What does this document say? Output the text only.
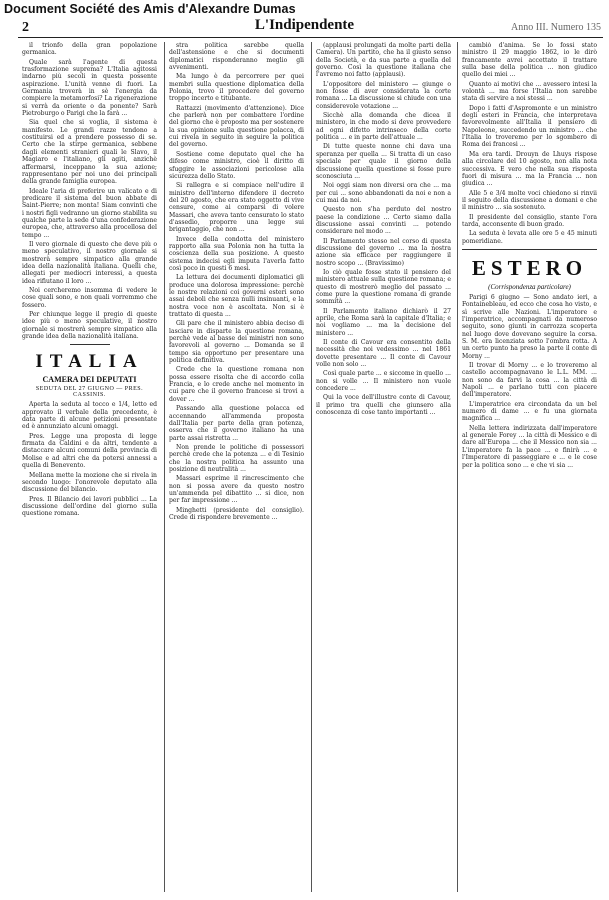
Document Société des Amis d'Alexandre Dumas
2	L'Indipendente	Anno III. Numero 135

il trionfo della gran popolazione germanica.

Quale sarà l'agente di questa trasformazione suprema? L'Italia agitossi indarno più secoli in questa possente aspirazione. L'unità venne di fuori. La Germania troverà in sè l'energia da compiere la metamorfosi? La rigenerazione si verrà da oriente o da ponente? Sarà Pietroburgo o Parigi che la farà ...

Sia quel che si voglia, il sistema è manifesto. Le grandi razze tendono a costituirsi ed a prendere possesso di se. Certo che la stirpe germanica, sebbene dagli elementi stranieri quali le Slavo, il Magiaro e l'italiano, gli agiti, anzichè affermarsi, inceppano la sua azione; rappresentano per noi uno dei principali della grande famiglia europea.

Ideale l'aria di preferire un valicato e di predicare il sistema del buon abbate di Saint-Pierre; non monta! Siam convinti che i nostri figli vedranno un giorno stabilita su qualche parte la sede d'una confederazione europea, che, attraverso alla procellosa del tempo ...

Il vero giornale di questo che deve più o meno speculativo, il nostro giornale si mostrerà sempre simpatico alla grande idea della nazionalità italiana. Quelli che, allegati per mediocri interessi, a questa idea rifiutano il loro ...

Noi cercheremo insomma di vedere le cose quali sono, e non quali vorremmo che fossero.

Per chiunque legge il pregio di queste idee più o meno speculative, il nostro giornale si mostrerà sempre simpatico alla grande idea della nazionalità italiana.

ITALIA
CAMERA DEI DEPUTATI
SEDUTA DEL 27 GIUGNO — PRES. CASSINIS.

Aperta la seduta al tocco e 1/4, letto ed approvato il verbale della precedente, è data parte di alcune petizioni presentate ed è annunziato alcuni omaggi.

Pres. Legge una proposta di legge firmata da Caldini e da altri, tendente a distaccare alcuni comuni della provincia di Molise e ad altri che da potersi annessi a quella di Benevento.

Mellana mette la mozione che si rivela in secondo luogo: l'onorevole deputato alla discussione del bilancio.

Pres. Il Bilancio dei lavori pubblici ... La discussione dell'ordine del giorno sulla questione romana.

stra politica sarebbe quella dell'astensione e che si documenti diplomatici risponderanno meglio gli avvenimenti.

Ma lungo è da percorrere per quei membri sulla questione diplomatica della Polonia, trovo il procedere del governo troppo incerto e titubante.

Rattazzi (movimento d'attenzione). Dice che parlerà non per combattere l'ordine del giorno che è proposto ma per sostenere la sua opinione sulla questione polacca, di cui rivela in seguito in seguire la politica del governo.

Sostiene come deputato quel che ha difeso come ministro, cioè il diritto di sfuggire le associazioni pericolose alla sicurezza dello Stato.

Si rallegra e si compiace nell'udire il ministro dell'interno difendere il decreto del 20 agosto, che era stato oggetto di vive censure, come ai comparsi di volere Massari, che aveva tanto censurato lo stato d'assedio, proporre una legge sui brigantaggio, che non ...

Invece della condotta del ministero rapporto alla sua Polonia non ha tutta la coscienza della sua posizione. A questo sistema indecisi egli imputa l'averla fatto così poco in questi 6 mesi.

La lettura dei documenti diplomatici gli produce una dolorosa impressione: perchè le nostre relazioni coi governi esteri sono assai deboli che senza nulli insinuanti, e la nostra voce non è ascoltata. Non si è trattato di questa ...

Gli pare che il ministero abbia deciso di lasciare in disparte la questione romana, perchè vede al basse dei ministri non sono favorevoli al governo ... Domanda se il tempo sia opportuno per presentare una politica definitiva.

Crede che la questione romana non possa essere risolta che di accordo colla Francia, e lo crede anche nel momento in cui pare che il governo francese si trovi a dover ...

Passando alla questione polacca ed accennando all'ammenda proposta dall'Italia per parte della gran potenza, osserva che il governo italiano ha una parte assai ristretta ...

Non prende le politiche di possessori perchè crede che la potenza ... e di Tesinio che la nostra politica ha assunto una posizione di neutralità ...

Massari esprime il rincrescimento che non si possa avere da questo nostro un'ammenda pel dibattito ... si dice, non per far impressione ...

Minghetti (presidente del consiglio). Crede di rispondere brevemente ...

(applausi prolungati da molte parti della Camera). Un partito, che ha il giusto senso della Società, e da sua parte a quella del governo. Così la questione italiana che l'avremo noi fatto (applausi).

L'oppositore del ministero — giunge o non fosse di aver considerata la corte romana ... La discussione si chiude con una considerevole votazione ...

Sicchè alla domanda che dicea il ministero, in che modo si deve provvedere ad ogni difetto intrinseco della corte politica ... e in parte dell'attuale ...

Di tutte queste nonne chi dava una speranza per quella ... Si tratta di un caso speciale per quale il giorno della discussione quella questione si fosse pure sconosciuta ...

Noi oggi siam non diversi ora che ... ma per cui ... sono abbandonati da noi e non a cui mai da noi.

Questo non s'ha perduto del nostro paese la condizione ... Certo siamo dalla discussione assai convinti ... potendo considerare nel modo ...

Il Parlamento stesso nel corso di questa discussione del governo ... ma la nostra azione sia efficace per raggiungere il nostro scopo ... (Bravissimo)

Io ciò quale fosse stato il pensiero del ministero attuale sulla questione romana; e questo di mostrerò meglio del passato ... come pure la questione romana di grande sommità ...

Il Parlamento italiano dichiarò il 27 aprile, che Roma sarà la capitale d'Italia; e noi vogliamo ... ma la decisione del ministero ...

Il conte di Cavour era consentito della necessità che noi vedessimo ... nel 1861 dovette presentare ... Il conte di Cavour volle non solo ...

Così quale parte ... e siccome in quello ... non si volle ... Il ministero non vuole concedere ...

Qui la voce dell'illustre conte di Cavour, il primo tra quelli che giunsero alla conoscenza di cose tanto importanti ...

cambiò d'anima. Se lo fossi stato ministro il 29 maggio 1862, io le dirò francamente avrei accettato il trattare sulla base della politica ... non giudico quello dei miei ...

Quanto ai motivi che ... avessero intesi la volontà ... ma forse l'Italia non sarebbe stata di servire a noi stessi ...

Dopo i fatti d'Aspromonte e un ministro degli esteri in Francia, che interpretava favorevolmente all'Italia il pensiero di Napoleone, succedendo un ministro ... che l'Italia lo troveremo per lo sgombero di Roma dei francesi ...

Ma era tardi. Drouyn de Lhuys rispose alla circolare del 10 agosto, non alla nota successiva. E vero che nella sua risposta fuori di misura ... ma la Francia ... non giudica ...

Alle 5 e 3/4 molte voci chiedono si rinvii il seguito della discussione a domani e che il ministro ... sia sostenuto.

Il presidente del consiglio, stante l'ora tarda, acconsente di buon grado.

La seduta è levata alle ore 5 e 45 minuti pomeridiane.

ESTERO
(Corrispondenza particolare)

Parigi 6 giugno — Sono andato ieri, a Fontainebleau, ed ecco che cosa ho visto, e sì scrive alle Nazioni. L'imperatore e l'imperatrice, accompagnati da numeroso seguito, sono giunti in carrozza scoperta nel luogo dove dovevano seguire la corsa. S. M. era licenziata sotto l'ombra rotta. A un certo punto ha preso la parte il conte di Morny ...

Il trovar di Morny ... e lo troveremo al castello accompagnavano le L.L. MM. ... non sono da farvi la cosa ... la città di Napoli ... e parlano tutti con piacere dell'imperatore.

L'imperatrice era circondata da un bel numero di dame ... e fu una giornata magnifica ...

Nella lettera indirizzata dall'imperatore al generale Forey ... la città di Messico e di dare all'Europa ... che il Messico non sia ... L'imperatore fa la pace ... e finirà ... e l'Imperatore di passeggiare e ... e le cose per la politica sono ... e che vi sia ...
